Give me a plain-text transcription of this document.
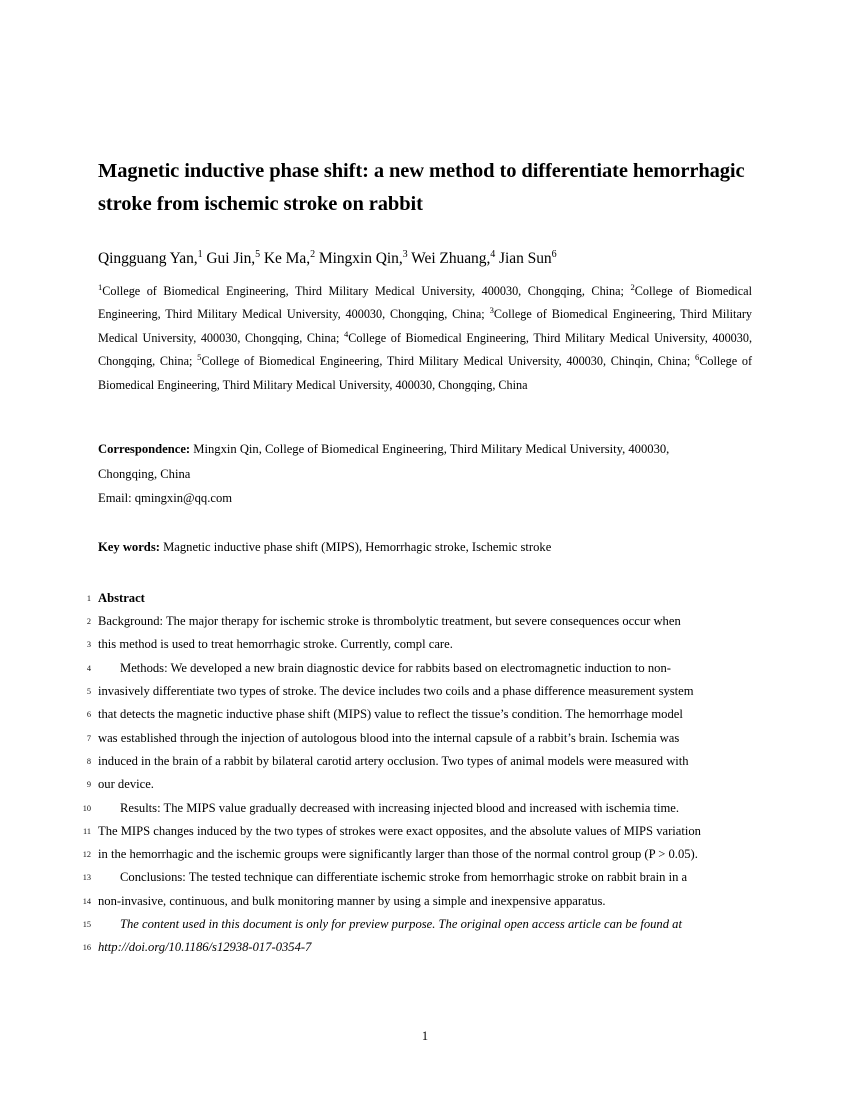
Magnetic inductive phase shift: a new method to differentiate hemorrhagic stroke from ischemic stroke on rabbit
Qingguang Yan,$^1$ Gui Jin,$^5$ Ke Ma,$^2$ Mingxin Qin,$^3$ Wei Zhuang,$^4$ Jian Sun$^6$
$^1$College of Biomedical Engineering, Third Military Medical University, 400030, Chongqing, China; $^2$College of Biomedical Engineering, Third Military Medical University, 400030, Chongqing, China; $^3$College of Biomedical Engineering, Third Military Medical University, 400030, Chongqing, China; $^4$College of Biomedical Engineering, Third Military Medical University, 400030, Chongqing, China; $^5$College of Biomedical Engineering, Third Military Medical University, 400030, Chinqin, China; $^6$College of Biomedical Engineering, Third Military Medical University, 400030, Chongqing, China
Correspondence: Mingxin Qin, College of Biomedical Engineering, Third Military Medical University, 400030,
Chongqing, China
Email: qmingxin@qq.com
Key words: Magnetic inductive phase shift (MIPS), Hemorrhagic stroke, Ischemic stroke
1 Abstract
2 Background: The major therapy for ischemic stroke is thrombolytic treatment, but severe consequences occur when
3 this method is used to treat hemorrhagic stroke. Currently, compl care.
4	Methods: We developed a new brain diagnostic device for rabbits based on electromagnetic induction to non-
5 invasively differentiate two types of stroke. The device includes two coils and a phase difference measurement system
6 that detects the magnetic inductive phase shift (MIPS) value to reflect the tissue’s condition. The hemorrhage model
7 was established through the injection of autologous blood into the internal capsule of a rabbit’s brain. Ischemia was
8 induced in the brain of a rabbit by bilateral carotid artery occlusion. Two types of animal models were measured with
9 our device.
10	Results: The MIPS value gradually decreased with increasing injected blood and increased with ischemia time.
11 The MIPS changes induced by the two types of strokes were exact opposites, and the absolute values of MIPS variation
12 in the hemorrhagic and the ischemic groups were significantly larger than those of the normal control group (P > 0.05).
13	Conclusions: The tested technique can differentiate ischemic stroke from hemorrhagic stroke on rabbit brain in a
14 non-invasive, continuous, and bulk monitoring manner by using a simple and inexpensive apparatus.
15	The content used in this document is only for preview purpose. The original open access article can be found at
16 http://doi.org/10.1186/s12938-017-0354-7
1
